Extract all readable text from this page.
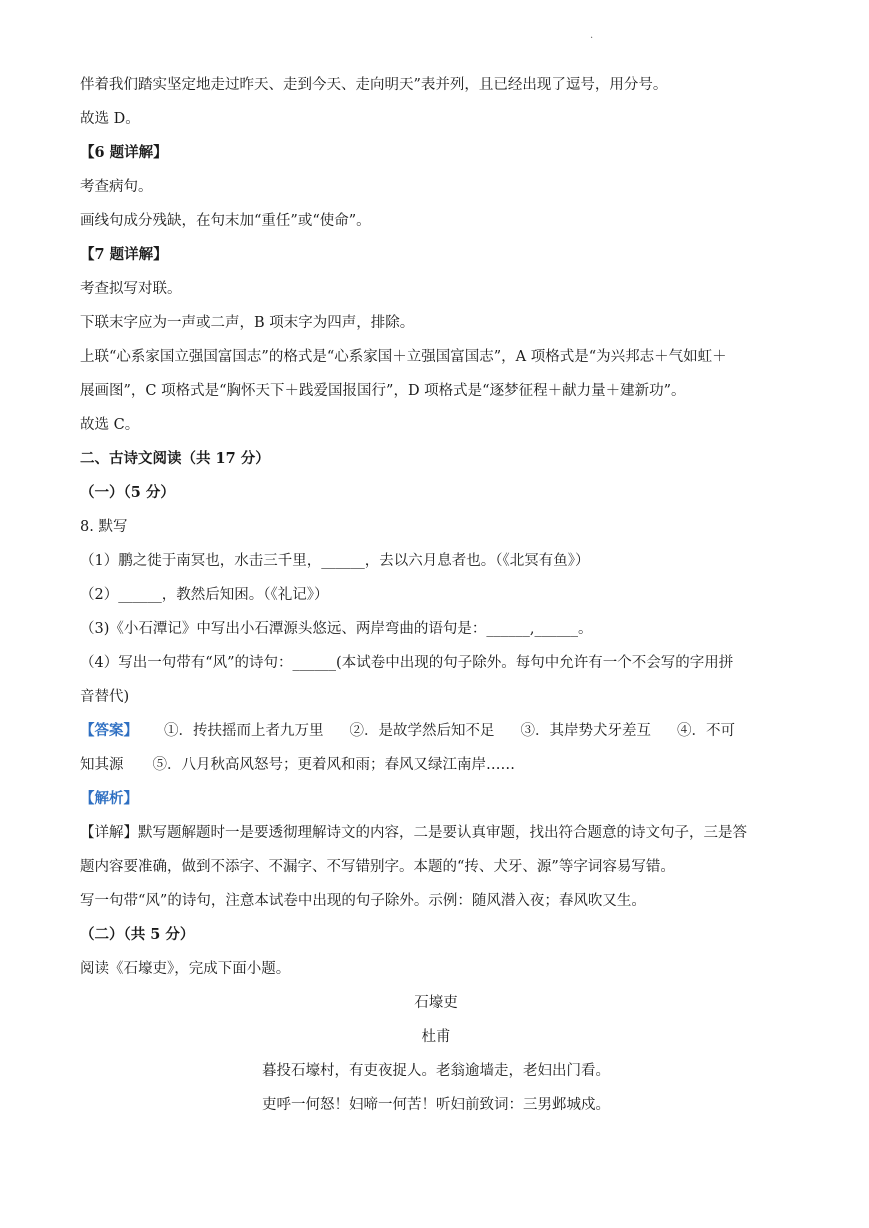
.
伴着我们踏实坚定地走过昨天、走到今天、走向明天”表并列，且已经出现了逗号，用分号。
故选 D。
【6 题详解】
考查病句。
画线句成分残缺，在句末加“重任”或“使命”。
【7 题详解】
考查拟写对联。
下联末字应为一声或二声，B 项末字为四声，排除。
上联“心系家国立强国富国志”的格式是“心系家国＋立强国富国志”，A 项格式是“为兴邦志＋气如虹＋
展画图”，C 项格式是“胸怀天下＋践爱国报国行”，D 项格式是“逐梦征程＋献力量＋建新功”。
故选 C。
二、古诗文阅读（共 17 分）
（一）（5 分）
8. 默写
（1）鹏之徙于南冥也，水击三千里，______，去以六月息者也。（《北冥有鱼》）
（2）______，教然后知困。（《礼记》）
（3)《小石潭记》中写出小石潭源头悠远、两岸弯曲的语句是：______,______。
（4）写出一句带有“风”的诗句：______(本试卷中出现的句子除外。每句中允许有一个不会写的字用拼
音替代)
【答案】 ①．抟扶摇而上者九万里 ②．是故学然后知不足 ③．其岸势犬牙差互 ④．不可
知其源　　⑤．八月秋高风怒号；更着风和雨；春风又绿江南岸……
【解析】
【详解】默写题解题时一是要透彻理解诗文的内容，二是要认真审题，找出符合题意的诗文句子，三是答
题内容要准确，做到不添字、不漏字、不写错别字。本题的“抟、犬牙、源”等字词容易写错。
写一句带“风”的诗句，注意本试卷中出现的句子除外。示例：随风潜入夜；春风吹又生。
（二）（共 5 分）
阅读《石壕吏》，完成下面小题。
石壕吏
杜甫
暮投石壕村，有吏夜捉人。老翁逾墙走，老妇出门看。
吏呼一何怒！妇啼一何苦！听妇前致词：三男邺城戍。
